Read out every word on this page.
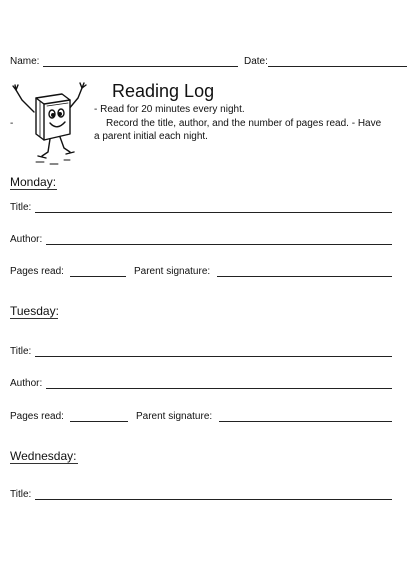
Name:	Date:
Reading Log
- Read for 20 minutes every night.
-	Record the title, author, and the number of pages read. - Have
a parent initial each night.
Monday:
Title:
Author:
Pages read:	Parent signature:
Tuesday:
Title:
Author:
Pages read:	Parent signature:
Wednesday:
Title:
